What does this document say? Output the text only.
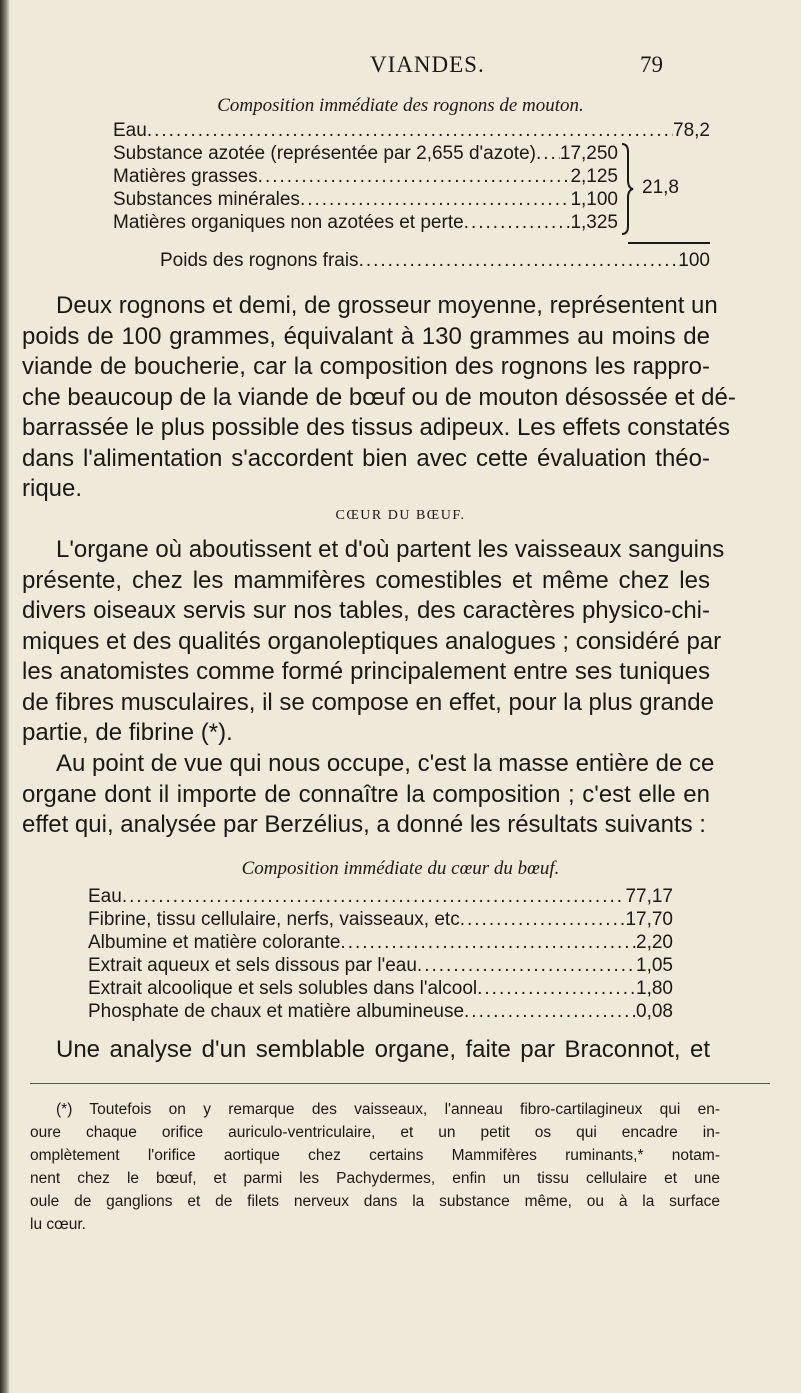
VIANDES.	79
Composition immédiate des rognons de mouton.
Eau .....	78,2
Substance azotée (représentée par 2,655 d'azote) ..... 17,250
Matières grasses .....	2,125
Substances minérales .....	1,100
Matières organiques non azotées et perte .....	1,325
21,8
Poids des rognons frais .....	100
Deux rognons et demi, de grosseur moyenne, représentent un
poids de 100 grammes, équivalant à 130 grammes au moins de
viande de boucherie, car la composition des rognons les rappro-
che beaucoup de la viande de bœuf ou de mouton désossée et dé-
barrassée le plus possible des tissus adipeux. Les effets constatés
dans l'alimentation s'accordent bien avec cette évaluation théo-
rique.
CŒUR DU BŒUF.
L'organe où aboutissent et d'où partent les vaisseaux sanguins
présente, chez les mammifères comestibles et même chez les
divers oiseaux servis sur nos tables, des caractères physico-chi-
miques et des qualités organoleptiques analogues ; considéré par
les anatomistes comme formé principalement entre ses tuniques
de fibres musculaires, il se compose en effet, pour la plus grande
partie, de fibrine (*).
Au point de vue qui nous occupe, c'est la masse entière de ce
organe dont il importe de connaître la composition ; c'est elle en
effet qui, analysée par Berzélius, a donné les résultats suivants :
Composition immédiate du cœur du bœuf.
Eau .....	77,17
Fibrine, tissu cellulaire, nerfs, vaisseaux, etc .....	17,70
Albumine et matière colorante .....	2,20
Extrait aqueux et sels dissous par l'eau .....	1,05
Extrait alcoolique et sels solubles dans l'alcool .....	1,80
Phosphate de chaux et matière albumineuse .....	0,08
Une analyse d'un semblable organe, faite par Braconnot, et
(*) Toutefois on y remarque des vaisseaux, l'anneau fibro-cartilagineux qui en-
oure chaque orifice auriculo-ventriculaire, et un petit os qui encadre in-
omplètement l'orifice aortique chez certains Mammifères ruminants,* notam-
nent chez le bœuf, et parmi les Pachydermes, enfin un tissu cellulaire et une
oule de ganglions et de filets nerveux dans la substance même, ou à la surface
lu cœur.
